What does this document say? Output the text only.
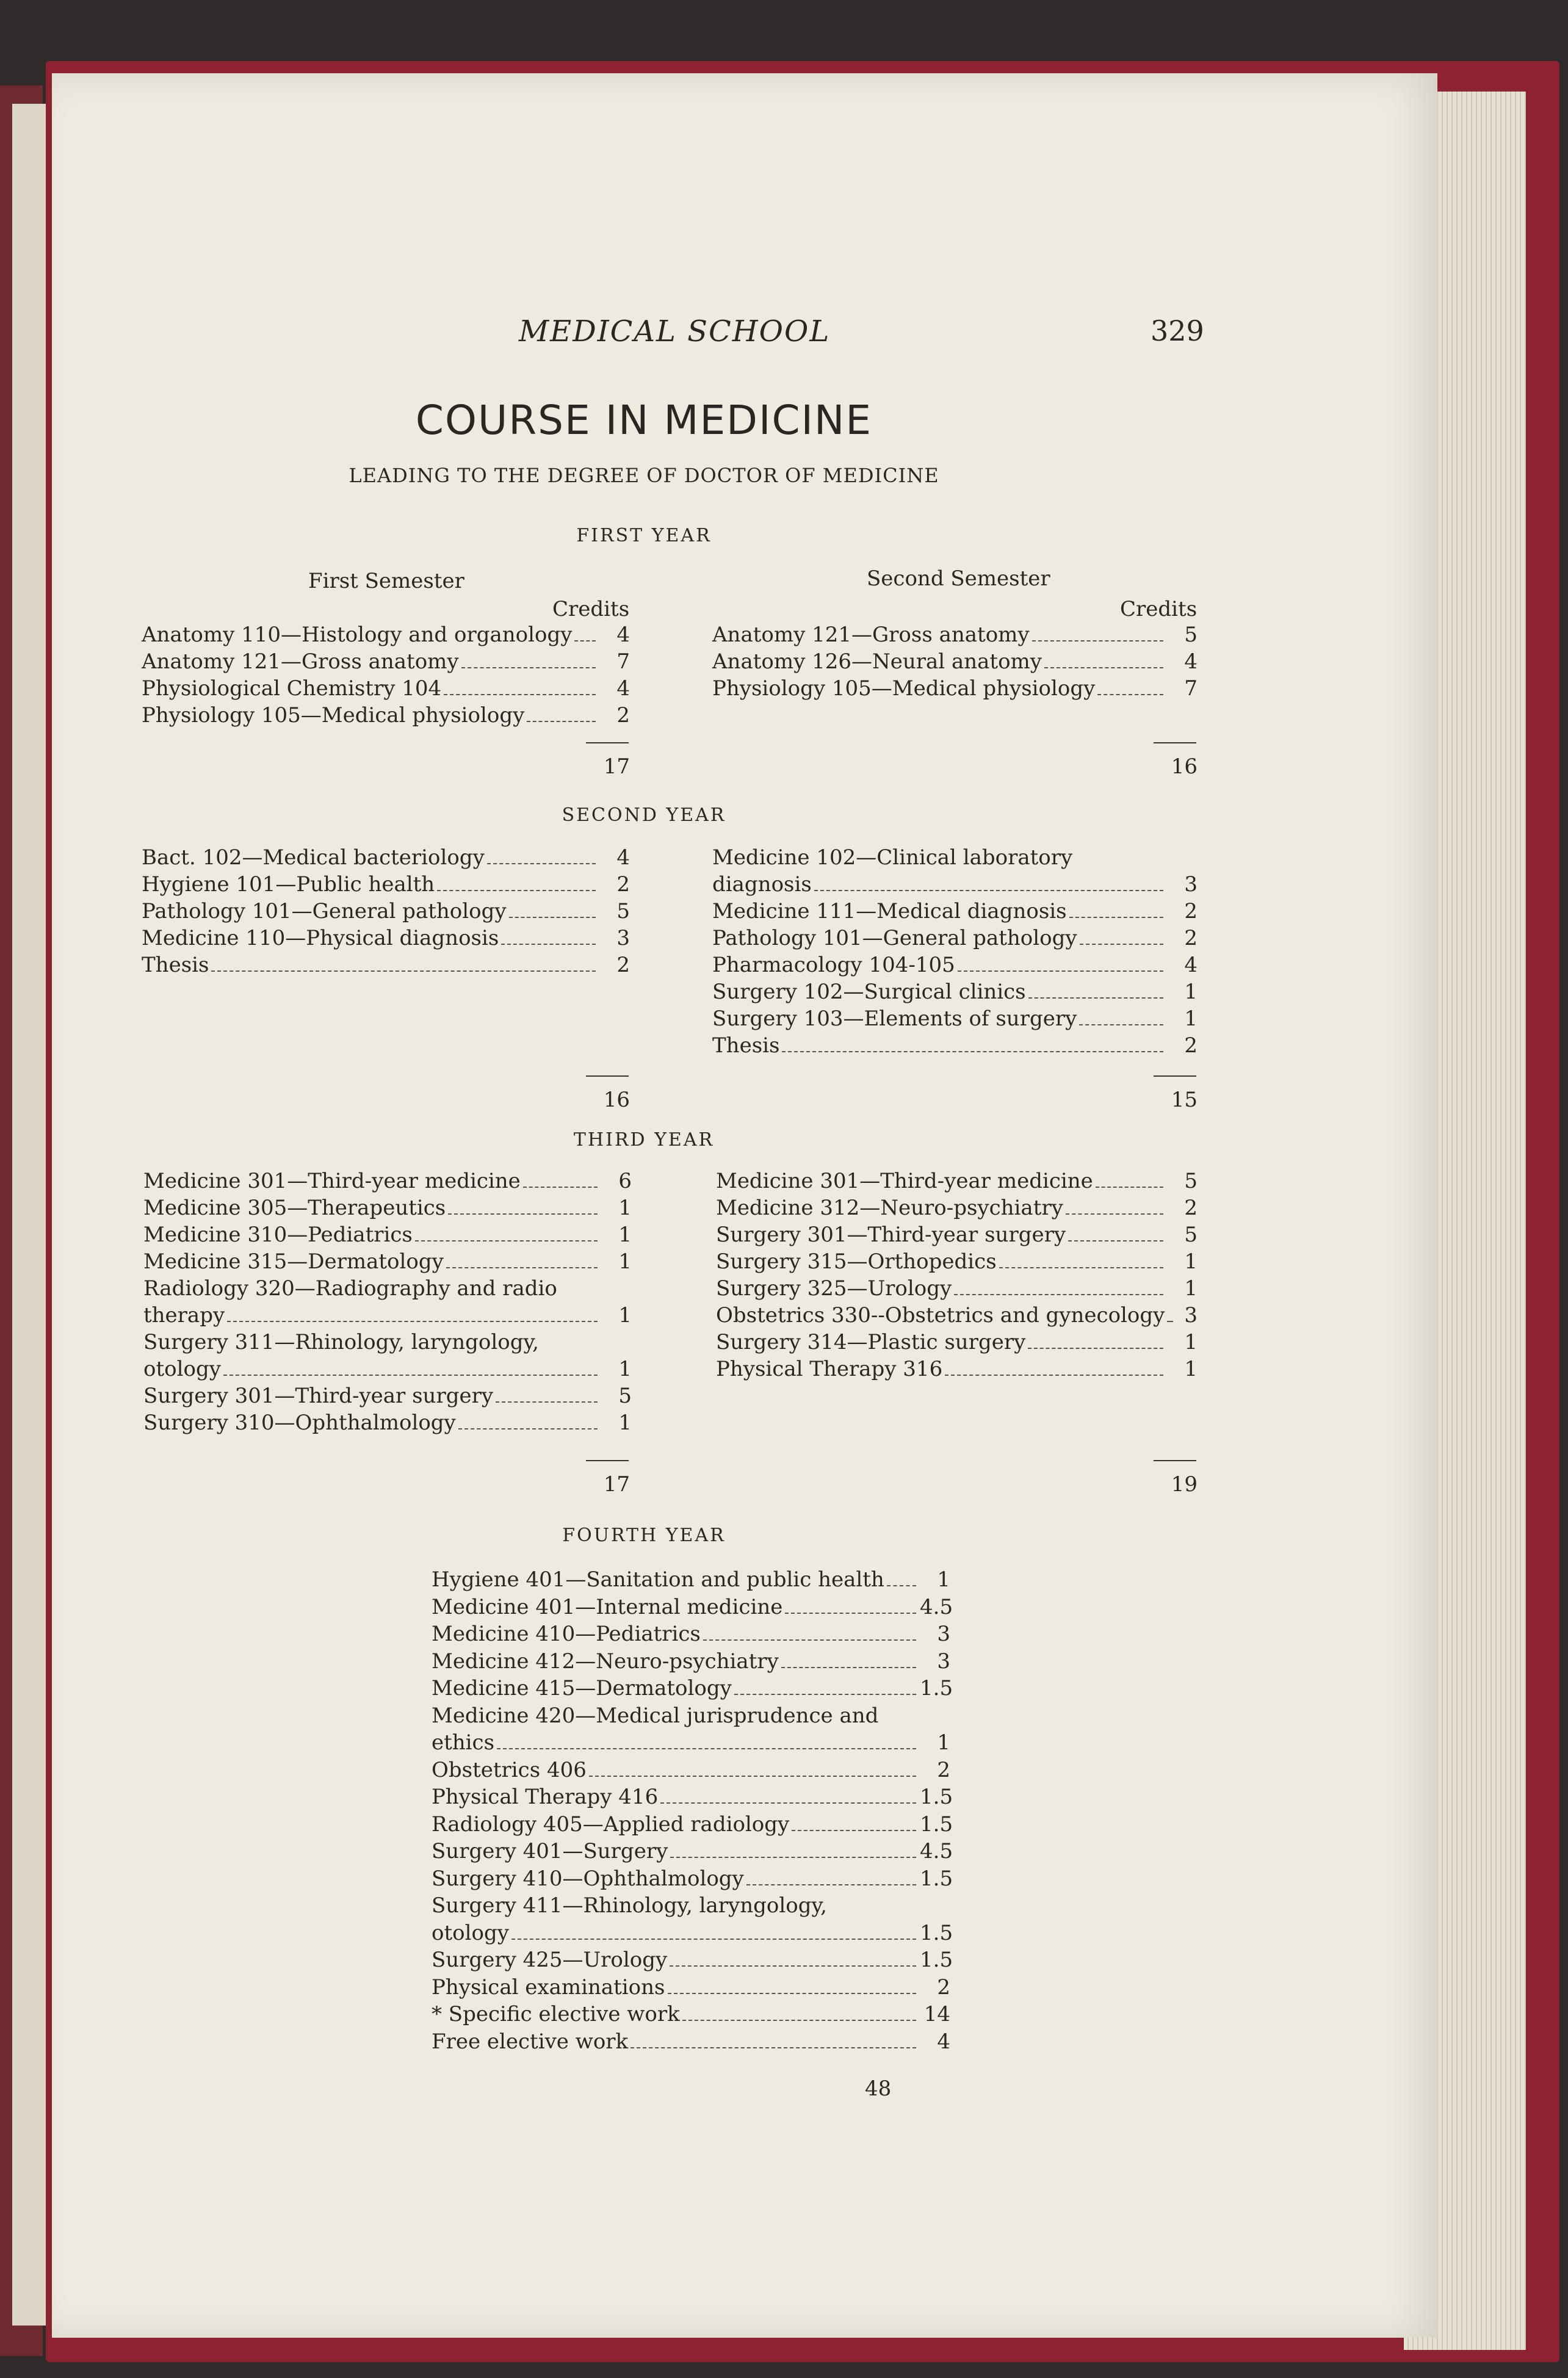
MEDICAL SCHOOL	329
COURSE IN MEDICINE
LEADING TO THE DEGREE OF DOCTOR OF MEDICINE
FIRST YEAR
First Semester	Second Semester
Credits	Credits
Anatomy 110—Histology and organology	4
Anatomy 121—Gross anatomy	7
Physiological Chemistry 104	4
Physiology 105—Medical physiology	2
Anatomy 121—Gross anatomy	5
Anatomy 126—Neural anatomy	4
Physiology 105—Medical physiology	7
17	16
SECOND YEAR
Bact. 102—Medical bacteriology	4
Hygiene 101—Public health	2
Pathology 101—General pathology	5
Medicine 110—Physical diagnosis	3
Thesis	2
Medicine 102—Clinical laboratory
diagnosis	3
Medicine 111—Medical diagnosis	2
Pathology 101—General pathology	2
Pharmacology 104-105	4
Surgery 102—Surgical clinics	1
Surgery 103—Elements of surgery	1
Thesis	2
16	15
THIRD YEAR
Medicine 301—Third-year medicine	6
Medicine 305—Therapeutics	1
Medicine 310—Pediatrics	1
Medicine 315—Dermatology	1
Radiology 320—Radiography and radio
therapy	1
Surgery 311—Rhinology, laryngology,
otology	1
Surgery 301—Third-year surgery	5
Surgery 310—Ophthalmology	1
Medicine 301—Third-year medicine	5
Medicine 312—Neuro-psychiatry	2
Surgery 301—Third-year surgery	5
Surgery 315—Orthopedics	1
Surgery 325—Urology	1
Obstetrics 330--Obstetrics and gynecology 3
Surgery 314—Plastic surgery	1
Physical Therapy 316	1
17	19
FOURTH YEAR
Hygiene 401—Sanitation and public health	1
Medicine 401—Internal medicine	4.5
Medicine 410—Pediatrics	3
Medicine 412—Neuro-psychiatry	3
Medicine 415—Dermatology	1.5
Medicine 420—Medical jurisprudence and
ethics	1
Obstetrics 406	2
Physical Therapy 416	1.5
Radiology 405—Applied radiology	1.5
Surgery 401—Surgery	4.5
Surgery 410—Ophthalmology	1.5
Surgery 411—Rhinology, laryngology,
otology	1.5
Surgery 425—Urology	1.5
Physical examinations	2
* Specific elective work	14
Free elective work	4
48
